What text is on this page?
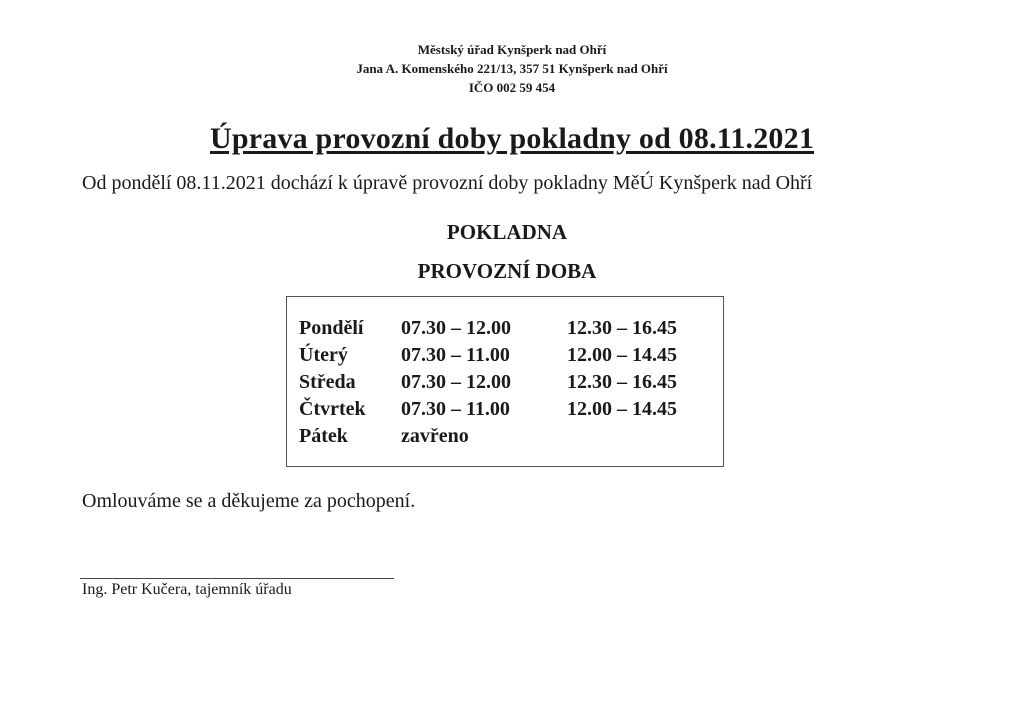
Městský úřad Kynšperk nad Ohří
Jana A. Komenského 221/13, 357 51 Kynšperk nad Ohří
IČO 002 59 454
Úprava provozní doby pokladny od 08.11.2021
Od pondělí 08.11.2021 dochází k úpravě provozní doby pokladny MěÚ Kynšperk nad Ohří
POKLADNA
PROVOZNÍ DOBA
Pondělí 07.30 – 12.00	12.30 – 16.45
Úterý	07.30 – 11.00	12.00 – 14.45
Středa 07.30 – 12.00	12.30 – 16.45
Čtvrtek 07.30 – 11.00	12.00 – 14.45
Pátek	zavřeno
Omlouváme se a děkujeme za pochopení.
Ing. Petr Kučera, tajemník úřadu
